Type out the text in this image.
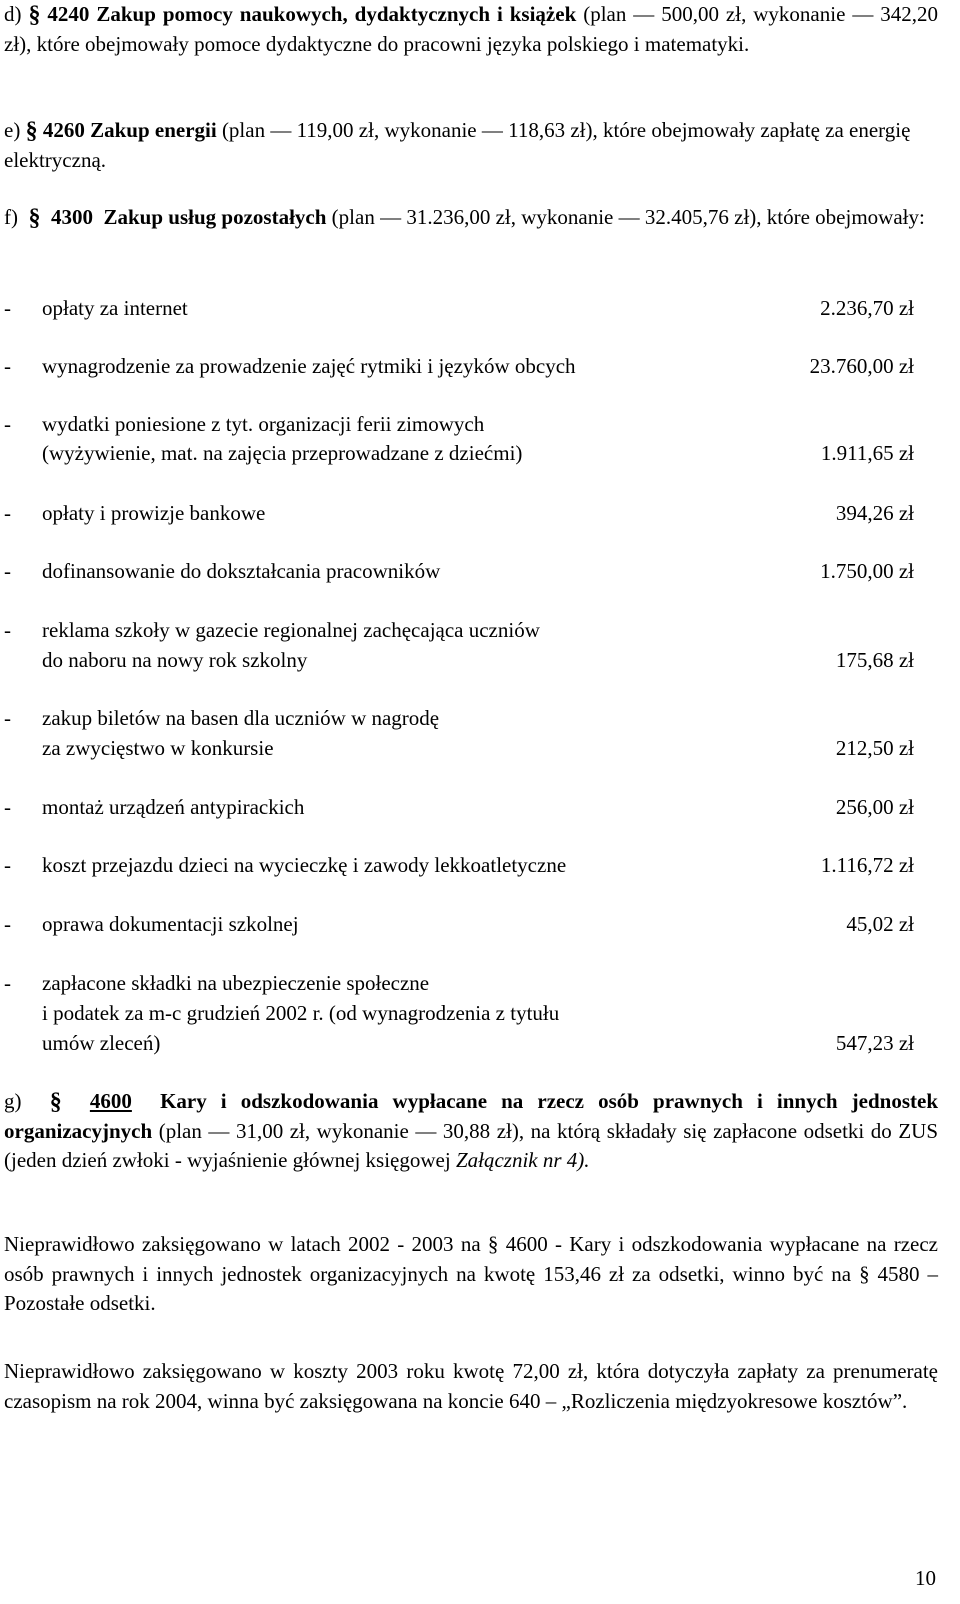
d) § 4240 Zakup pomocy naukowych, dydaktycznych i książek (plan — 500,00 zł, wykonanie — 342,20 zł), które obejmowały pomoce dydaktyczne do pracowni języka polskiego i matematyki.
e) § 4260 Zakup energii (plan — 119,00 zł, wykonanie — 118,63 zł), które obejmowały zapłatę za energię elektryczną.
f) § 4300 Zakup usług pozostałych (plan — 31.236,00 zł, wykonanie — 32.405,76 zł), które obejmowały:
-	opłaty za internet	2.236,70 zł
-	wynagrodzenie za prowadzenie zajęć rytmiki i języków obcych	23.760,00 zł
-	wydatki poniesione z tyt. organizacji ferii zimowych
(wyżywienie, mat. na zajęcia przeprowadzane z dziećmi)	1.911,65 zł
-	opłaty i prowizje bankowe	394,26 zł
-	dofinansowanie do dokształcania pracowników	1.750,00 zł
-	reklama szkoły w gazecie regionalnej zachęcająca uczniów
do naboru na nowy rok szkolny	175,68 zł
-	zakup biletów na basen dla uczniów w nagrodę
za zwycięstwo w konkursie	212,50 zł
-	montaż urządzeń antypirackich	256,00 zł
-	koszt przejazdu dzieci na wycieczkę i zawody lekkoatletyczne	1.116,72 zł
-	oprawa dokumentacji szkolnej	45,02 zł
-	zapłacone składki na ubezpieczenie społeczne
i podatek za m-c grudzień 2002 r. (od wynagrodzenia z tytułu
umów zleceń)	547,23 zł
g) § 4600 Kary i odszkodowania wypłacane na rzecz osób prawnych i innych jednostek organizacyjnych (plan — 31,00 zł, wykonanie — 30,88 zł), na którą składały się zapłacone odsetki do ZUS (jeden dzień zwłoki - wyjaśnienie głównej księgowej Załącznik nr 4).
Nieprawidłowo zaksięgowano w latach 2002 - 2003 na § 4600 - Kary i odszkodowania wypłacane na rzecz osób prawnych i innych jednostek organizacyjnych na kwotę 153,46 zł za odsetki, winno być na § 4580 – Pozostałe odsetki.
Nieprawidłowo zaksięgowano w koszty 2003 roku kwotę 72,00 zł, która dotyczyła zapłaty za prenumeratę czasopism na rok 2004, winna być zaksięgowana na koncie 640 – „Rozliczenia międzyokresowe kosztów”.
10
